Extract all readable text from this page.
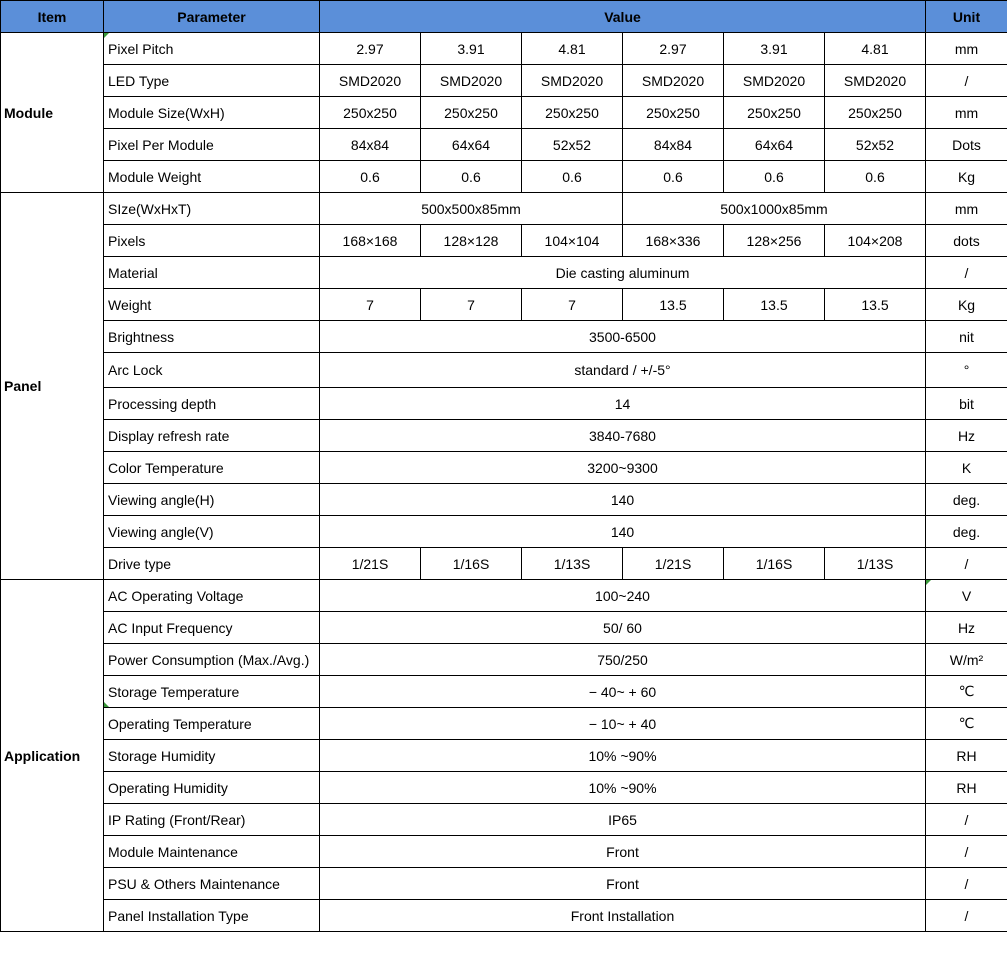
Item	Parameter	Value						Unit
Module	Pixel Pitch	2.97	3.91	4.81	2.97	3.91	4.81	mm
	LED Type	SMD2020	SMD2020	SMD2020	SMD2020	SMD2020	SMD2020	/
	Module Size(WxH)	250x250	250x250	250x250	250x250	250x250	250x250	mm
	Pixel Per Module	84x84	64x64	52x52	84x84	64x64	52x52	Dots
	Module Weight	0.6	0.6	0.6	0.6	0.6	0.6	Kg
Panel	SIze(WxHxT)	500x500x85mm			500x1000x85mm			mm
	Pixels	168×168	128×128	104×104	168×336	128×256	104×208	dots
	Material	Die casting aluminum						/
	Weight	7	7	7	13.5	13.5	13.5	Kg
	Brightness	3500-6500						nit
	Arc Lock	standard / +/-5°						°
	Processing depth	14						bit
	Display refresh rate	3840-7680						Hz
	Color Temperature	3200~9300						K
	Viewing angle(H)	140						deg.
	Viewing angle(V)	140						deg.
	Drive type	1/21S	1/16S	1/13S	1/21S	1/16S	1/13S	/
Application	AC Operating Voltage	100~240						V
	AC Input Frequency	50/ 60						Hz
	Power Consumption (Max./Avg.)	750/250						W/m²
	Storage Temperature	− 40~ + 60						℃
	Operating Temperature	− 10~ + 40						℃
	Storage Humidity	10% ~90%						RH
	Operating Humidity	10% ~90%						RH
	IP Rating (Front/Rear)	IP65						/
	Module Maintenance	Front						/
	PSU & Others Maintenance	Front						/
	Panel Installation Type	Front Installation						/
